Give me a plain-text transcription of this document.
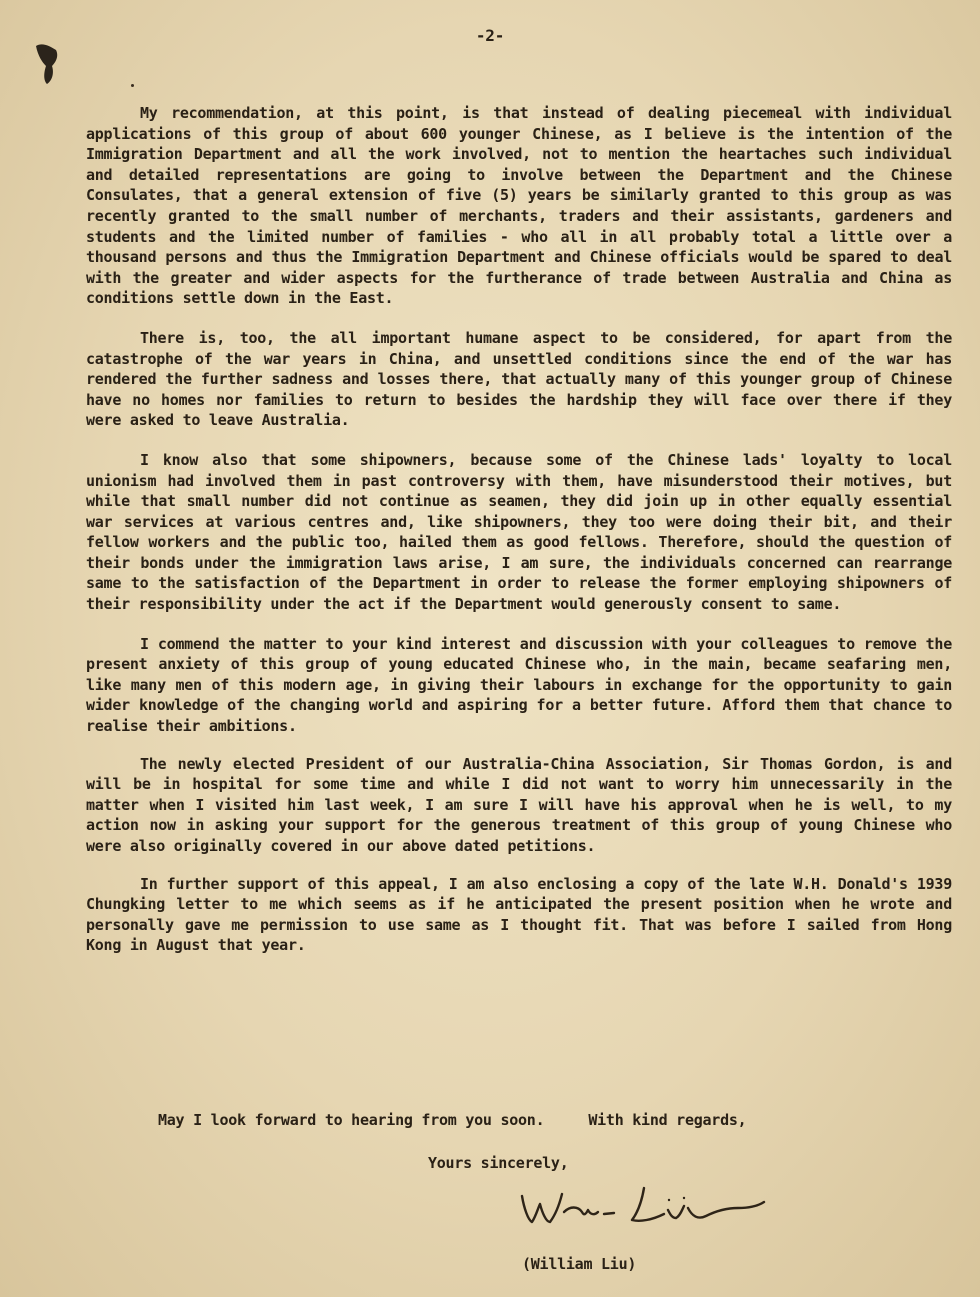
-2-

My recommendation, at this point, is that instead of dealing piecemeal with individual applications of this group of about 600 younger Chinese, as I believe is the intention of the Immigration Department and all the work involved, not to mention the heartaches such individual and detailed representations are going to involve between the Department and the Chinese Consulates, that a general extension of five (5) years be similarly granted to this group as was recently granted to the small number of merchants, traders and their assistants, gardeners and students and the limited number of families - who all in all probably total a little over a thousand persons and thus the Immigration Department and Chinese officials would be spared to deal with the greater and wider aspects for the furtherance of trade between Australia and China as conditions settle down in the East.

There is, too, the all important humane aspect to be considered, for apart from the catastrophe of the war years in China, and unsettled conditions since the end of the war has rendered the further sadness and losses there, that actually many of this younger group of Chinese have no homes nor families to return to besides the hardship they will face over there if they were asked to leave Australia.

I know also that some shipowners, because some of the Chinese lads' loyalty to local unionism had involved them in past controversy with them, have misunderstood their motives, but while that small number did not continue as seamen, they did join up in other equally essential war services at various centres and, like shipowners, they too were doing their bit, and their fellow workers and the public too, hailed them as good fellows. Therefore, should the question of their bonds under the immigration laws arise, I am sure, the individuals concerned can rearrange same to the satisfaction of the Department in order to release the former employing shipowners of their responsibility under the act if the Department would generously consent to same.

I commend the matter to your kind interest and discussion with your colleagues to remove the present anxiety of this group of young educated Chinese who, in the main, became seafaring men, like many men of this modern age, in giving their labours in exchange for the opportunity to gain wider knowledge of the changing world and aspiring for a better future. Afford them that chance to realise their ambitions.

The newly elected President of our Australia-China Association, Sir Thomas Gordon, is and will be in hospital for some time and while I did not want to worry him unnecessarily in the matter when I visited him last week, I am sure I will have his approval when he is well, to my action now in asking your support for the generous treatment of this group of young Chinese who were also originally covered in our above dated petitions.

In further support of this appeal, I am also enclosing a copy of the late W.H. Donald's 1939 Chungking letter to me which seems as if he anticipated the present position when he wrote and personally gave me permission to use same as I thought fit. That was before I sailed from Hong Kong in August that year.

May I look forward to hearing from you soon.	With kind regards,
Yours sincerely,
(William Liu)
